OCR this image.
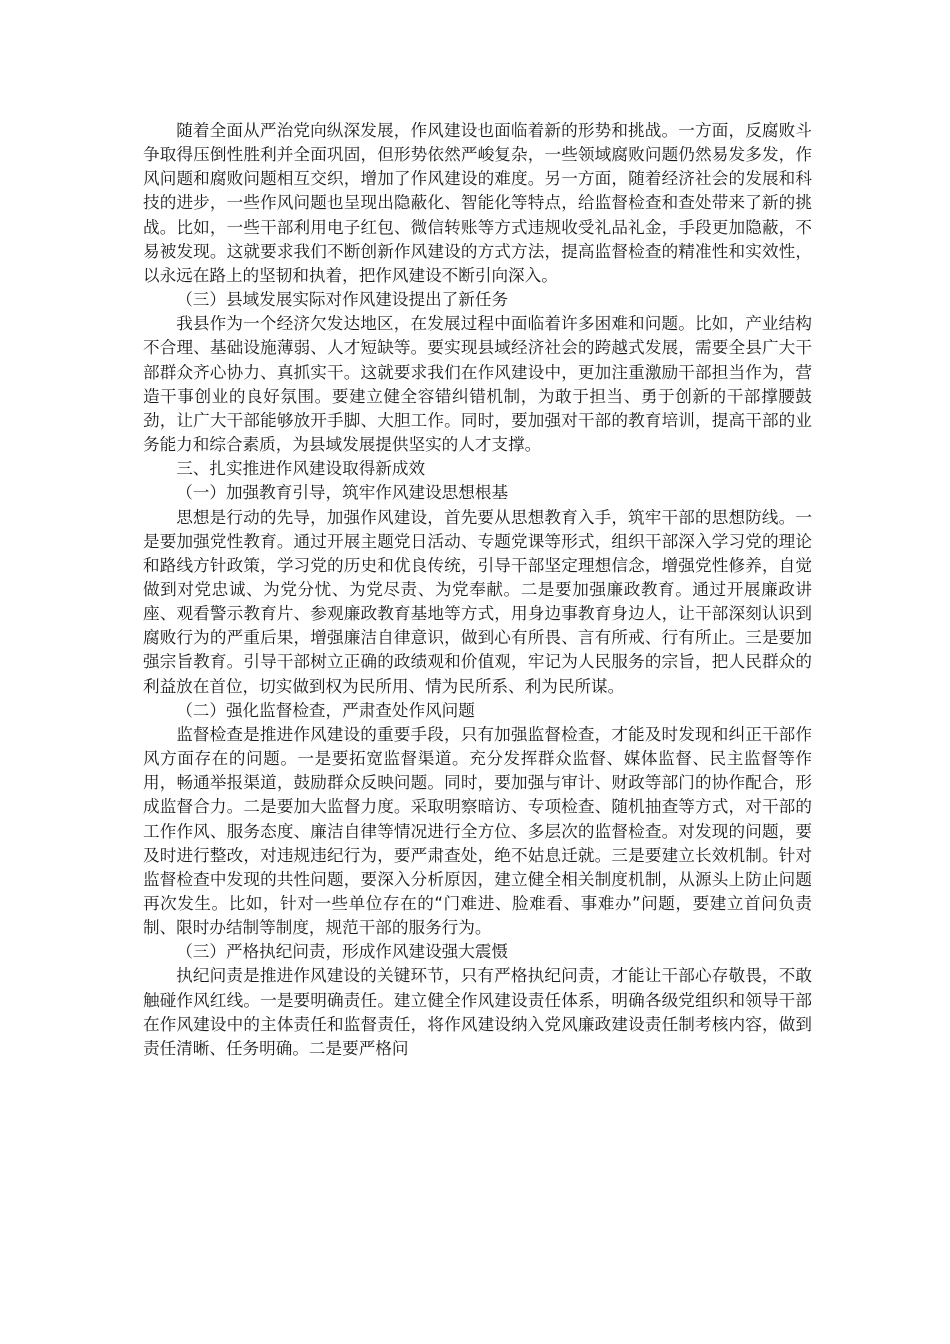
随着全面从严治党向纵深发展，作风建设也面临着新的形势和挑战。一方面，反腐败斗争取得压倒性胜利并全面巩固，但形势依然严峻复杂，一些领域腐败问题仍然易发多发，作风问题和腐败问题相互交织，增加了作风建设的难度。另一方面，随着经济社会的发展和科技的进步，一些作风问题也呈现出隐蔽化、智能化等特点，给监督检查和查处带来了新的挑战。比如，一些干部利用电子红包、微信转账等方式违规收受礼品礼金，手段更加隐蔽，不易被发现。这就要求我们不断创新作风建设的方式方法，提高监督检查的精准性和实效性，以永远在路上的坚韧和执着，把作风建设不断引向深入。

（三）县域发展实际对作风建设提出了新任务

我县作为一个经济欠发达地区，在发展过程中面临着许多困难和问题。比如，产业结构不合理、基础设施薄弱、人才短缺等。要实现县域经济社会的跨越式发展，需要全县广大干部群众齐心协力、真抓实干。这就要求我们在作风建设中，更加注重激励干部担当作为，营造干事创业的良好氛围。要建立健全容错纠错机制，为敢于担当、勇于创新的干部撑腰鼓劲，让广大干部能够放开手脚、大胆工作。同时，要加强对干部的教育培训，提高干部的业务能力和综合素质，为县域发展提供坚实的人才支撑。

三、扎实推进作风建设取得新成效

（一）加强教育引导，筑牢作风建设思想根基

思想是行动的先导，加强作风建设，首先要从思想教育入手，筑牢干部的思想防线。一是要加强党性教育。通过开展主题党日活动、专题党课等形式，组织干部深入学习党的理论和路线方针政策，学习党的历史和优良传统，引导干部坚定理想信念，增强党性修养，自觉做到对党忠诚、为党分忧、为党尽责、为党奉献。二是要加强廉政教育。通过开展廉政讲座、观看警示教育片、参观廉政教育基地等方式，用身边事教育身边人，让干部深刻认识到腐败行为的严重后果，增强廉洁自律意识，做到心有所畏、言有所戒、行有所止。三是要加强宗旨教育。引导干部树立正确的政绩观和价值观，牢记为人民服务的宗旨，把人民群众的利益放在首位，切实做到权为民所用、情为民所系、利为民所谋。

（二）强化监督检查，严肃查处作风问题

监督检查是推进作风建设的重要手段，只有加强监督检查，才能及时发现和纠正干部作风方面存在的问题。一是要拓宽监督渠道。充分发挥群众监督、媒体监督、民主监督等作用，畅通举报渠道，鼓励群众反映问题。同时，要加强与审计、财政等部门的协作配合，形成监督合力。二是要加大监督力度。采取明察暗访、专项检查、随机抽查等方式，对干部的工作作风、服务态度、廉洁自律等情况进行全方位、多层次的监督检查。对发现的问题，要及时进行整改，对违规违纪行为，要严肃查处，绝不姑息迁就。三是要建立长效机制。针对监督检查中发现的共性问题，要深入分析原因，建立健全相关制度机制，从源头上防止问题再次发生。比如，针对一些单位存在的“门难进、脸难看、事难办”问题，要建立首问负责制、限时办结制等制度，规范干部的服务行为。

（三）严格执纪问责，形成作风建设强大震慑

执纪问责是推进作风建设的关键环节，只有严格执纪问责，才能让干部心存敬畏，不敢触碰作风红线。一是要明确责任。建立健全作风建设责任体系，明确各级党组织和领导干部在作风建设中的主体责任和监督责任，将作风建设纳入党风廉政建设责任制考核内容，做到责任清晰、任务明确。二是要严格问
